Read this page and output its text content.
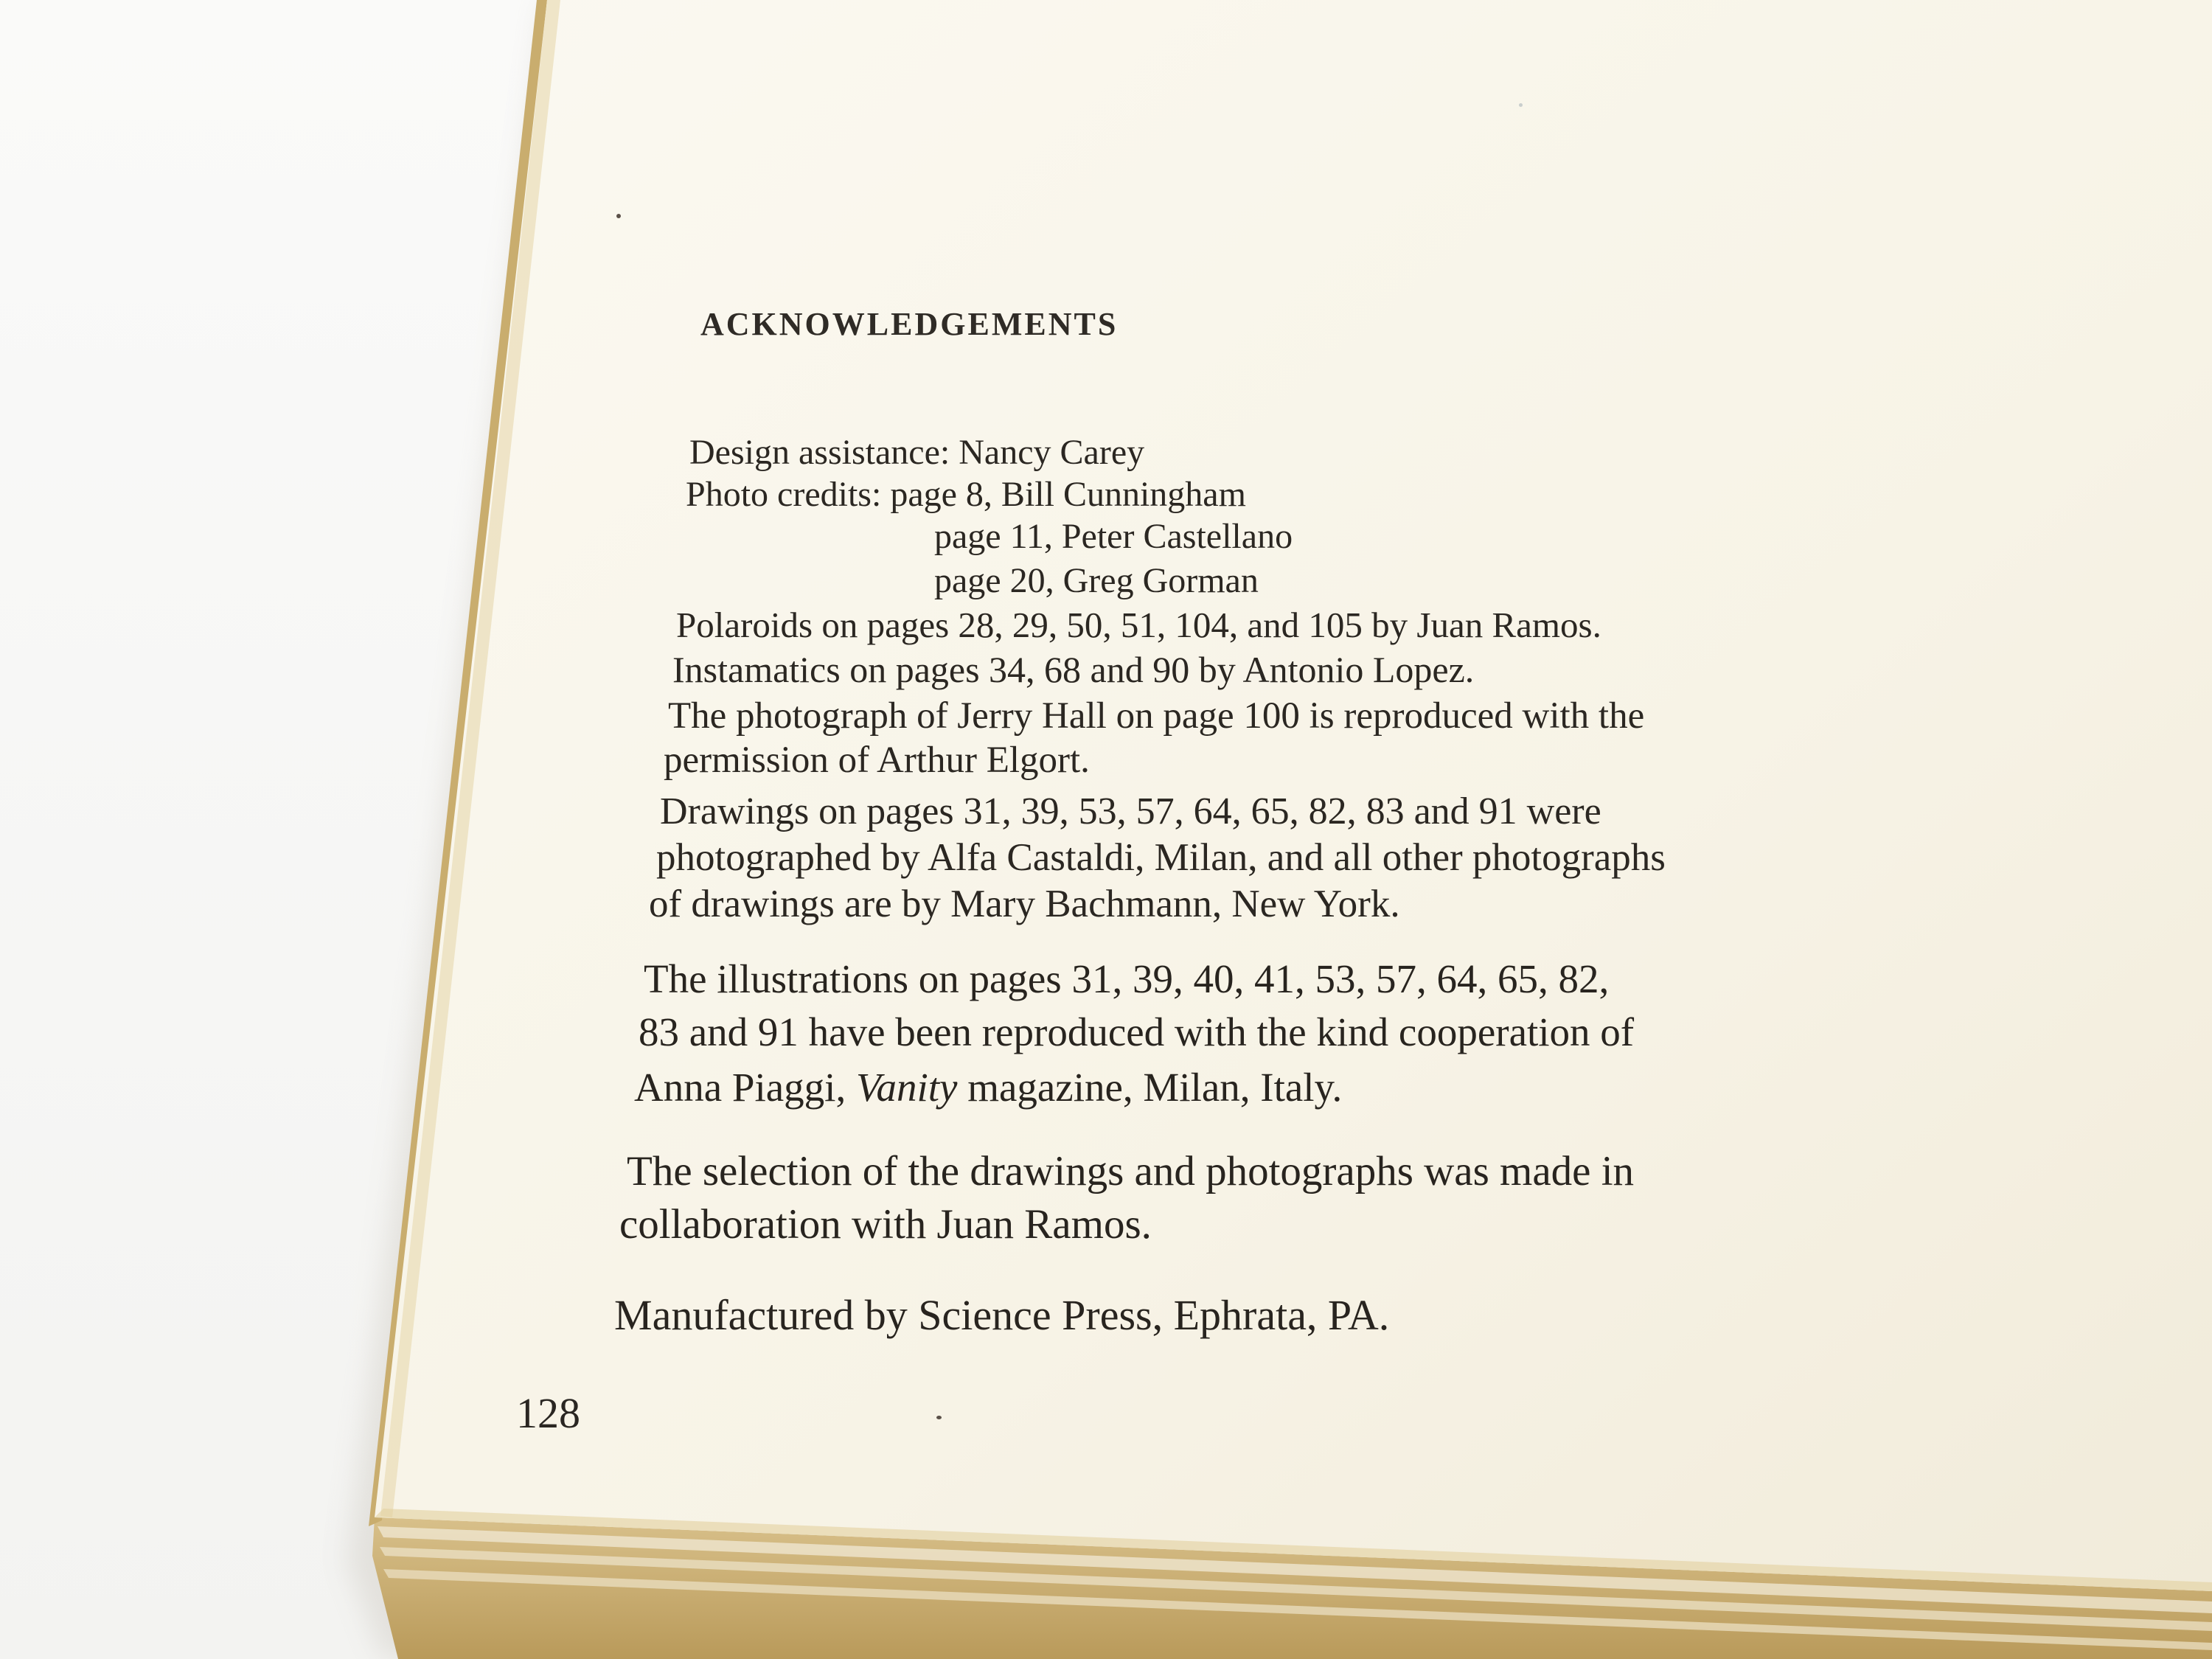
ACKNOWLEDGEMENTS

Design assistance: Nancy Carey

Photo credits: page 8, Bill Cunningham

page 11, Peter Castellano

page 20, Greg Gorman

Polaroids on pages 28, 29, 50, 51, 104, and 105 by Juan Ramos.

Instamatics on pages 34, 68 and 90 by Antonio Lopez.

The photograph of Jerry Hall on page 100 is reproduced with the

permission of Arthur Elgort.

Drawings on pages 31, 39, 53, 57, 64, 65, 82, 83 and 91 were

photographed by Alfa Castaldi, Milan, and all other photographs

of drawings are by Mary Bachmann, New York.

The illustrations on pages 31, 39, 40, 41, 53, 57, 64, 65, 82,

83 and 91 have been reproduced with the kind cooperation of

Anna Piaggi, Vanity magazine, Milan, Italy.

The selection of the drawings and photographs was made in

collaboration with Juan Ramos.

Manufactured by Science Press, Ephrata, PA.

128
